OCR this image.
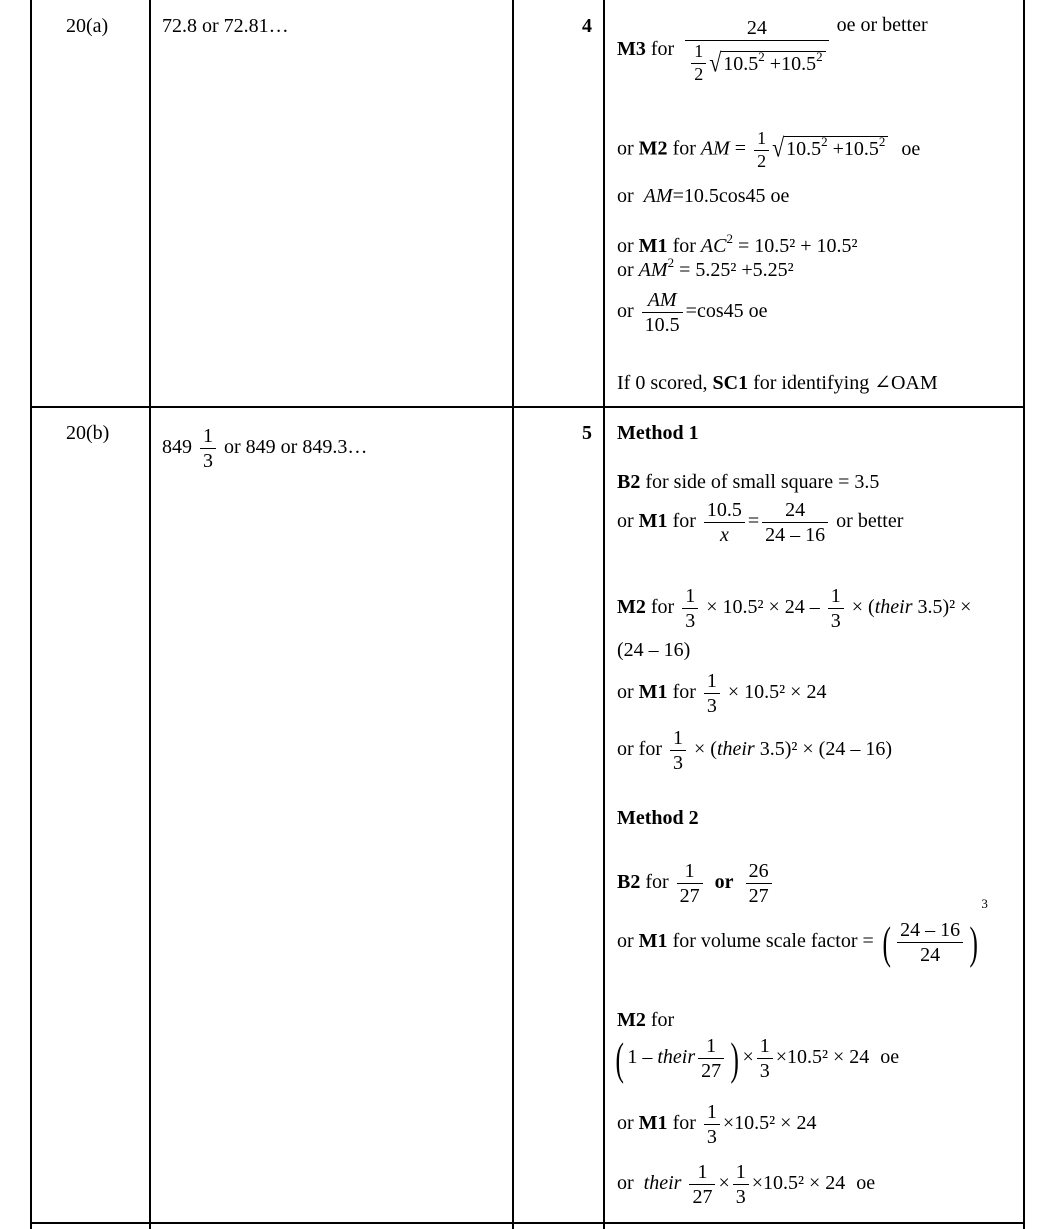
20(a)	72.8 or 72.81…	4
M3 for $\frac{24}{\frac{1}{2} √ 10.5^2 +10.5^2}$ oe or better
or M2 for AM = $\frac{1}{2}$ √ $10.5^2 +10.5^2$ oe
or AM=10.5cos45 oe
or M1 for $AC^2 = 10.5^2 + 10.5^2$
or $AM^2 = 5.25^2 +5.25^2$
or $\frac{AM}{10.5} =\cos 45$ oe
If 0 scored, SC1 for identifying ∠OAM
20(b)
$849 \frac{1}{3}$ or 849 or 849.3…
5 Method 1
B2 for side of small square = 3.5
or M1 for $\frac{10.5}{x} = \frac{24}{24 - 16}$ or better
M2 for $\frac{1}{3} \times 10.5^2 \times 24 - \frac{1}{3}$ × (their 3.5)² ×
(24 – 16)
or M1 for $\frac{1}{3} \times 10.5^2 \times 24$
or for $\frac{1}{3}$ × (their 3.5)² × (24 – 16)
Method 2
B2 for $\frac{1}{27}$ or $\frac{26}{27}$
or M1 for volume scale factor = ( $\frac{24 - 16}{24} )^3$
M2 for
( 1 – their $\frac{1}{27}$ ) × $\frac{1}{3} \times 10.5^2 \times 24$ oe
or M1 for $\frac{1}{3} \times 10.5^2 \times 24$
or their $\frac{1}{27} \times \frac{1}{3} \times 10.5^2 \times 24$ oe
